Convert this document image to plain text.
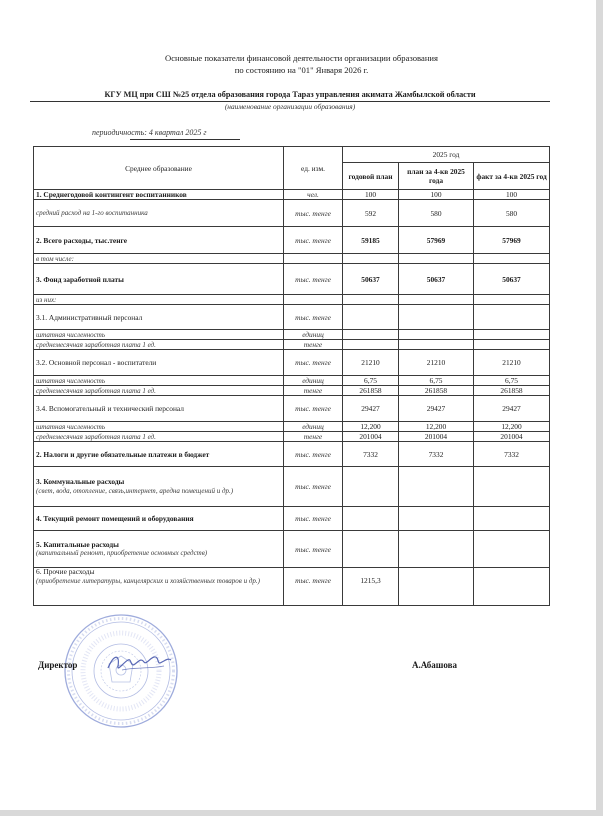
Основные показатели финансовой деятельности организации образования
по состоянию на "01" Января 2026 г.
КГУ МЦ при СШ №25 отдела образования города Тараз управления акимата Жамбылской области
(наименование организации образования)
периодичность: 4 квартал 2025 г
Среднее образование	ед. изм.	2025 год		
		годовой план	план за 4-кв 2025 года	факт за 4-кв 2025 год
1. Среднегодовой контингент воспитанников	чел.	100	100	100
средний расход на 1-го воспитанника	тыс. тенге	592	580	580
2. Всего расходы, тыс.тенге	тыс. тенге	59185	57969	57969
в том числе:				
3. Фонд заработной платы	тыс. тенге	50637	50637	50637
из них:				
3.1. Административный персонал	тыс. тенге			
штатная численность	единиц			
среднемесячная заработная плата 1 ед.	тенге			
3.2. Основной персонал - воспитатели	тыс. тенге	21210	21210	21210
штатная численность	единиц	6,75	6,75	6,75
среднемесячная заработная плата 1 ед.	тенге	261858	261858	261858
3.4. Вспомогательный и технический персонал	тыс. тенге	29427	29427	29427
штатная численность	единиц	12,200	12,200	12,200
среднемесячная заработная плата 1 ед.	тенге	201004	201004	201004
2. Налоги и другие обязательные платежи в бюджет	тыс. тенге	7332	7332	7332
3. Коммунальные расходы
(свет, вода, отопление, связь,интернет, аредна помещений и др.)	тыс. тенге			
4. Текущий ремонт помещений и оборудования	тыс. тенге			
5. Капитальные расходы
(капитальный ремонт, приобретение основных средств)	тыс. тенге			
6. Прочие расходы
(приобретение литературы, канцелярских и хозяйственных товаров и др.)	тыс. тенге	1215,3		
Директор	А.Абашова
